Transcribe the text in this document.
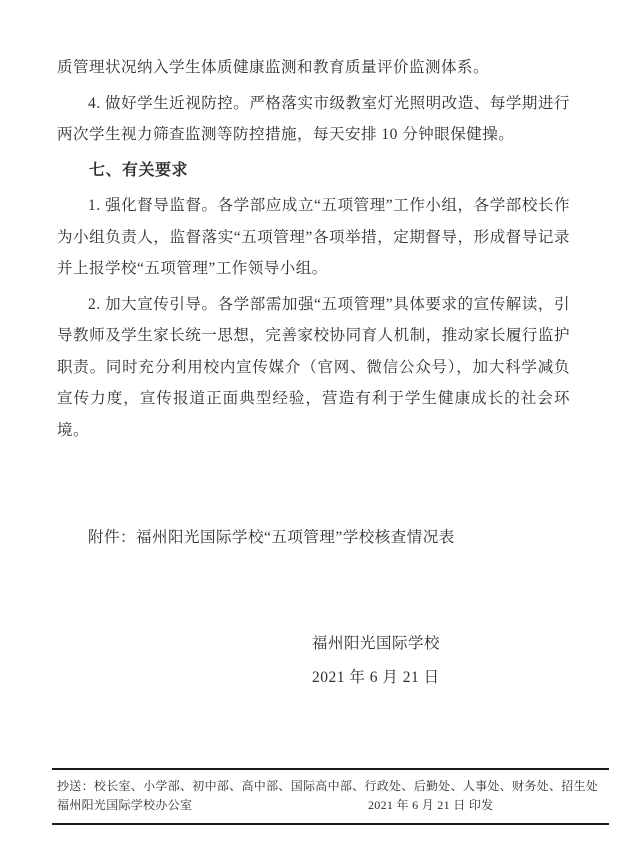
质管理状况纳入学生体质健康监测和教育质量评价监测体系。

4. 做好学生近视防控。严格落实市级教室灯光照明改造、每学期进行两次学生视力筛查监测等防控措施，每天安排 10 分钟眼保健操。

七、有关要求

1. 强化督导监督。各学部应成立“五项管理”工作小组，各学部校长作为小组负责人，监督落实“五项管理”各项举措，定期督导，形成督导记录并上报学校“五项管理”工作领导小组。

2. 加大宣传引导。各学部需加强“五项管理”具体要求的宣传解读，引导教师及学生家长统一思想，完善家校协同育人机制，推动家长履行监护职责。同时充分利用校内宣传媒介（官网、微信公众号），加大科学减负宣传力度，宣传报道正面典型经验，营造有利于学生健康成长的社会环境。

附件：福州阳光国际学校“五项管理”学校核查情况表

福州阳光国际学校
2021 年 6 月 21 日
抄送：校长室、小学部、初中部、高中部、国际高中部、行政处、后勤处、人事处、财务处、招生处
福州阳光国际学校办公室	2021 年 6 月 21 日 印发
